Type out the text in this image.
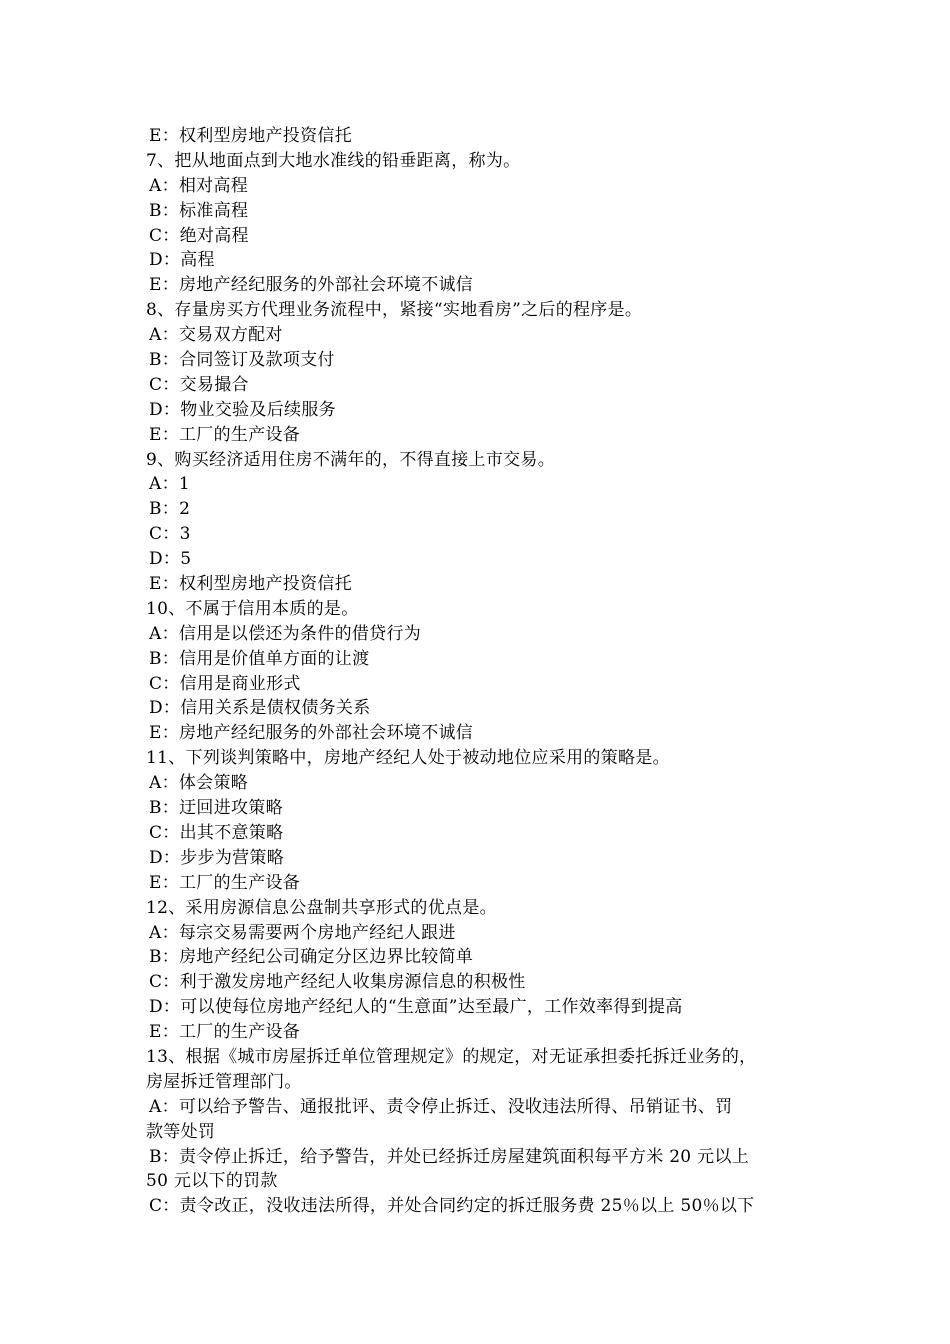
E：权利型房地产投资信托
7、把从地面点到大地水准线的铅垂距离，称为。
A：相对高程
B：标准高程
C：绝对高程
D：高程
E：房地产经纪服务的外部社会环境不诚信
8、存量房买方代理业务流程中，紧接“实地看房”之后的程序是。
A：交易双方配对
B：合同签订及款项支付
C：交易撮合
D：物业交验及后续服务
E：工厂的生产设备
9、购买经济适用住房不满年的，不得直接上市交易。
A：1
B：2
C：3
D：5
E：权利型房地产投资信托
10、不属于信用本质的是。
A：信用是以偿还为条件的借贷行为
B：信用是价值单方面的让渡
C：信用是商业形式
D：信用关系是债权债务关系
E：房地产经纪服务的外部社会环境不诚信
11、下列谈判策略中，房地产经纪人处于被动地位应采用的策略是。
A：体会策略
B：迂回进攻策略
C：出其不意策略
D：步步为营策略
E：工厂的生产设备
12、采用房源信息公盘制共享形式的优点是。
A：每宗交易需要两个房地产经纪人跟进
B：房地产经纪公司确定分区边界比较简单
C：利于激发房地产经纪人收集房源信息的积极性
D：可以使每位房地产经纪人的“生意面”达至最广，工作效率得到提高
E：工厂的生产设备
13、根据《城市房屋拆迁单位管理规定》的规定，对无证承担委托拆迁业务的，
房屋拆迁管理部门。
A：可以给予警告、通报批评、责令停止拆迁、没收违法所得、吊销证书、罚
款等处罚
B：责令停止拆迁，给予警告，并处已经拆迁房屋建筑面积每平方米 20 元以上
50 元以下的罚款
C：责令改正，没收违法所得，并处合同约定的拆迁服务费 25％以上 50％以下
